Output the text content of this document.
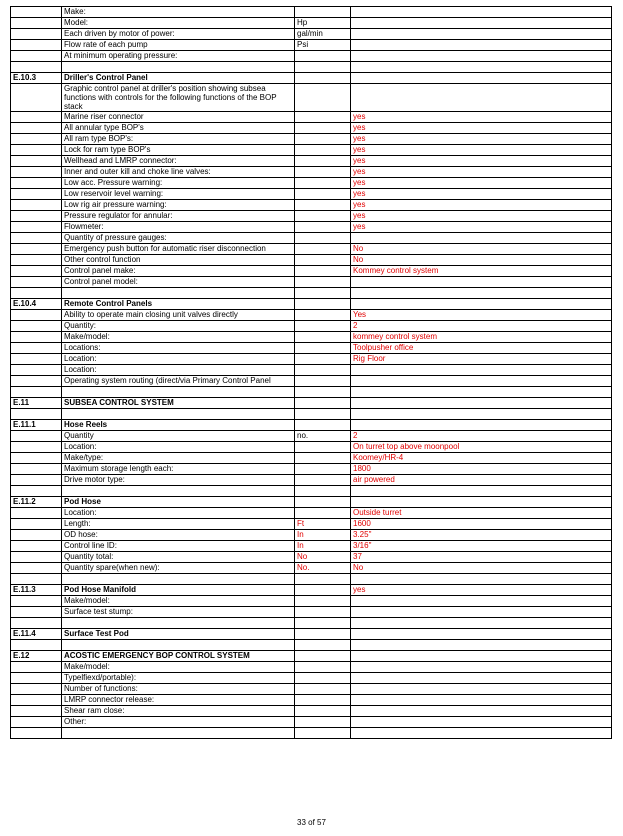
	Make:		
	Model:	Hp	
	Each driven by motor of power:	gal/min	
	Flow rate of each pump	Psi	
	At minimum operating pressure:		

E.10.3	Driller's Control Panel		
	Graphic control panel at driller's position showing subsea functions with controls for the following functions of the BOP stack		
	Marine riser connector		yes
	All annular type BOP's		yes
	All ram type BOP's:		yes
	Lock for ram type BOP's		yes
	Wellhead and LMRP connector:		yes
	Inner and outer kill and choke line valves:		yes
	Low acc. Pressure warning:		yes
	Low reservoir level warning:		yes
	Low rig air pressure warning:		yes
	Pressure regulator for annular:		yes
	Flowmeter:		yes
	Quantity of pressure gauges:		
	Emergency push button for automatic riser disconnection		No
	Other control function		No
	Control panel make:		Kommey control system
	Control panel model:		

E.10.4	Remote Control Panels		
	Ability to operate main closing unit valves directly		Yes
	Quantity:		2
	Make/model:		kommey control system
	Locations:		Toolpusher office
	Location:		Rig Floor
	Location:		
	Operating system routing (direct/via Primary Control Panel		

E.11	SUBSEA CONTROL SYSTEM		

E.11.1	Hose Reels		
	Quantity	no.	2
	Location:		On turret top above moonpool
	Make/type:		Koomey/HR-4
	Maximum storage length each:		1800
	Drive motor type:		air powered

E.11.2	Pod Hose		
	Location:		Outside turret
	Length:	Ft	1600
	OD hose:	In	3.25"
	Control line ID:	In	3/16"
	Quantity total:	No	37
	Quantity spare(when new):	No.	No

E.11.3	Pod Hose Manifold		yes
	Make/model:		
	Surface test stump:		

E.11.4	Surface Test Pod		

E.12	ACOSTIC EMERGENCY BOP CONTROL SYSTEM		
	Make/model:		
	Typelfiexd/portable):		
	Number of functions:		
	LMRP connector release:		
	Shear ram close:		
	Other:		

33 of 57
